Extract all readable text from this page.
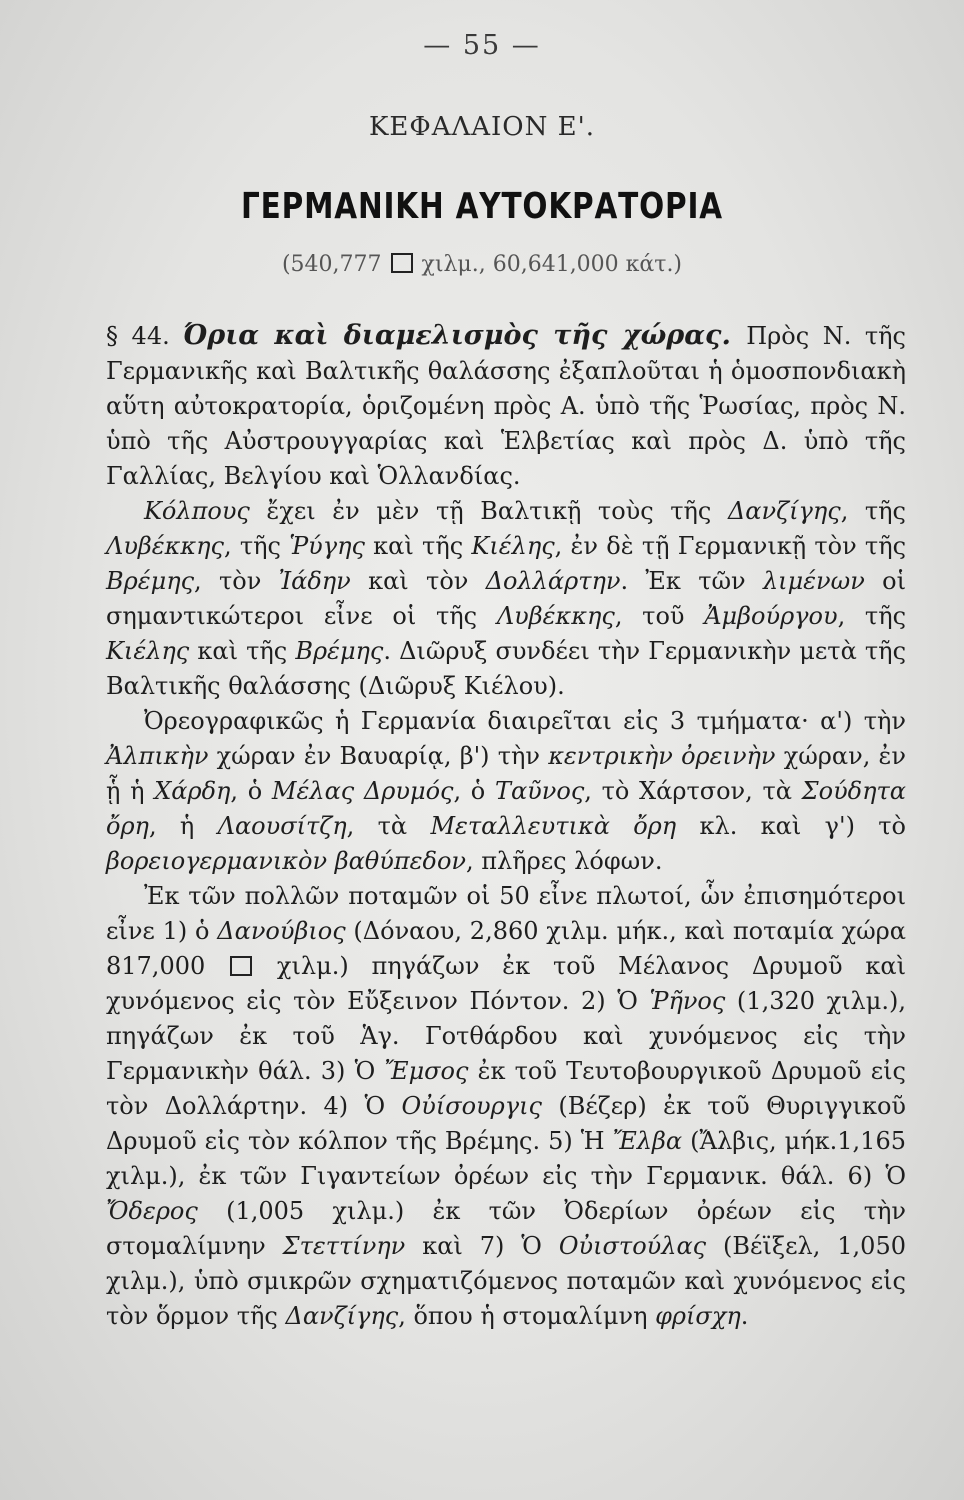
— 55 —
ΚΕΦΑΛΑΙΟΝ Ε'.
ΓΕΡΜΑΝΙΚΗ ΑΥΤΟΚΡΑΤΟΡΙΑ
(540,777 χιλμ., 60,641,000 κάτ.)

§ 44. Όρια καὶ διαμελισμὸς τῆς χώρας. Πρὸς Ν. τῆς Γερμανικῆς καὶ Βαλτικῆς θαλάσσης ἐξαπλοῦται ἡ ὁμοσπονδιακὴ αὕτη αὐτοκρατορία, ὁριζομένη πρὸς Α. ὑπὸ τῆς Ῥωσίας, πρὸς Ν. ὑπὸ τῆς Αὐστρουγγαρίας καὶ Ἑλβετίας καὶ πρὸς Δ. ὑπὸ τῆς Γαλλίας, Βελγίου καὶ Ὁλλανδίας.

Κόλπους ἔχει ἐν μὲν τῇ Βαλτικῇ τοὺς τῆς Δανζίγης, τῆς Λυβέκκης, τῆς Ῥύγης καὶ τῆς Κιέλης, ἐν δὲ τῇ Γερμανικῇ τὸν τῆς Βρέμης, τὸν Ἰάδην καὶ τὸν Δολλάρτην. Ἐκ τῶν λιμένων οἱ σημαντικώτεροι εἶνε οἱ τῆς Λυβέκκης, τοῦ Ἀμβούργου, τῆς Κιέλης καὶ τῆς Βρέμης. Διῶρυξ συνδέει τὴν Γερμανικὴν μετὰ τῆς Βαλτικῆς θαλάσσης (Διῶρυξ Κιέλου).

Ὀρεογραφικῶς ἡ Γερμανία διαιρεῖται εἰς 3 τμήματα· α') τὴν Ἀλπικὴν χώραν ἐν Βαυαρίᾳ, β') τὴν κεντρικὴν ὀρεινὴν χώραν, ἐν ᾗ ἡ Χάρδη, ὁ Μέλας Δρυμός, ὁ Ταῦνος, τὸ Χάρτσον, τὰ Σούδητα ὄρη, ἡ Λαουσίτζη, τὰ Μεταλλευτικὰ ὄρη κλ. καὶ γ') τὸ βορειογερμανικὸν βαθύπεδον, πλῆρες λόφων.

Ἐκ τῶν πολλῶν ποταμῶν οἱ 50 εἶνε πλωτοί, ὧν ἐπισημότεροι εἶνε 1) ὁ Δανούβιος (Δόναου, 2,860 χιλμ. μήκ., καὶ ποταμία χώρα 817,000  χιλμ.) πηγάζων ἐκ τοῦ Μέλανος Δρυμοῦ καὶ χυνόμενος εἰς τὸν Εὔξεινον Πόντον. 2) Ὁ Ῥῆνος (1,320 χιλμ.), πηγάζων ἐκ τοῦ Ἁγ. Γοτθάρδου καὶ χυνόμενος εἰς τὴν Γερμανικὴν θάλ. 3) Ὁ Ἔμσος ἐκ τοῦ Τευτοβουργικοῦ Δρυμοῦ εἰς τὸν Δολλάρτην. 4) Ὁ Οὐίσουργις (Βέζερ) ἐκ τοῦ Θυριγγικοῦ Δρυμοῦ εἰς τὸν κόλπον τῆς Βρέμης. 5) Ἡ Ἔλβα (Ἄλβις, μήκ.1,165 χιλμ.), ἐκ τῶν Γιγαντείων ὀρέων εἰς τὴν Γερμανικ. θάλ. 6) Ὁ Ὄδερος (1,005 χιλμ.) ἐκ τῶν Ὀδερίων ὀρέων εἰς τὴν στομαλίμνην Στεττίνην καὶ 7) Ὁ Οὐιστούλας (Βέϊξελ, 1,050 χιλμ.), ὑπὸ σμικρῶν σχηματιζόμενος ποταμῶν καὶ χυνόμενος εἰς τὸν ὅρμον τῆς Δανζίγης, ὅπου ἡ στομαλίμνη φρίσχη.
